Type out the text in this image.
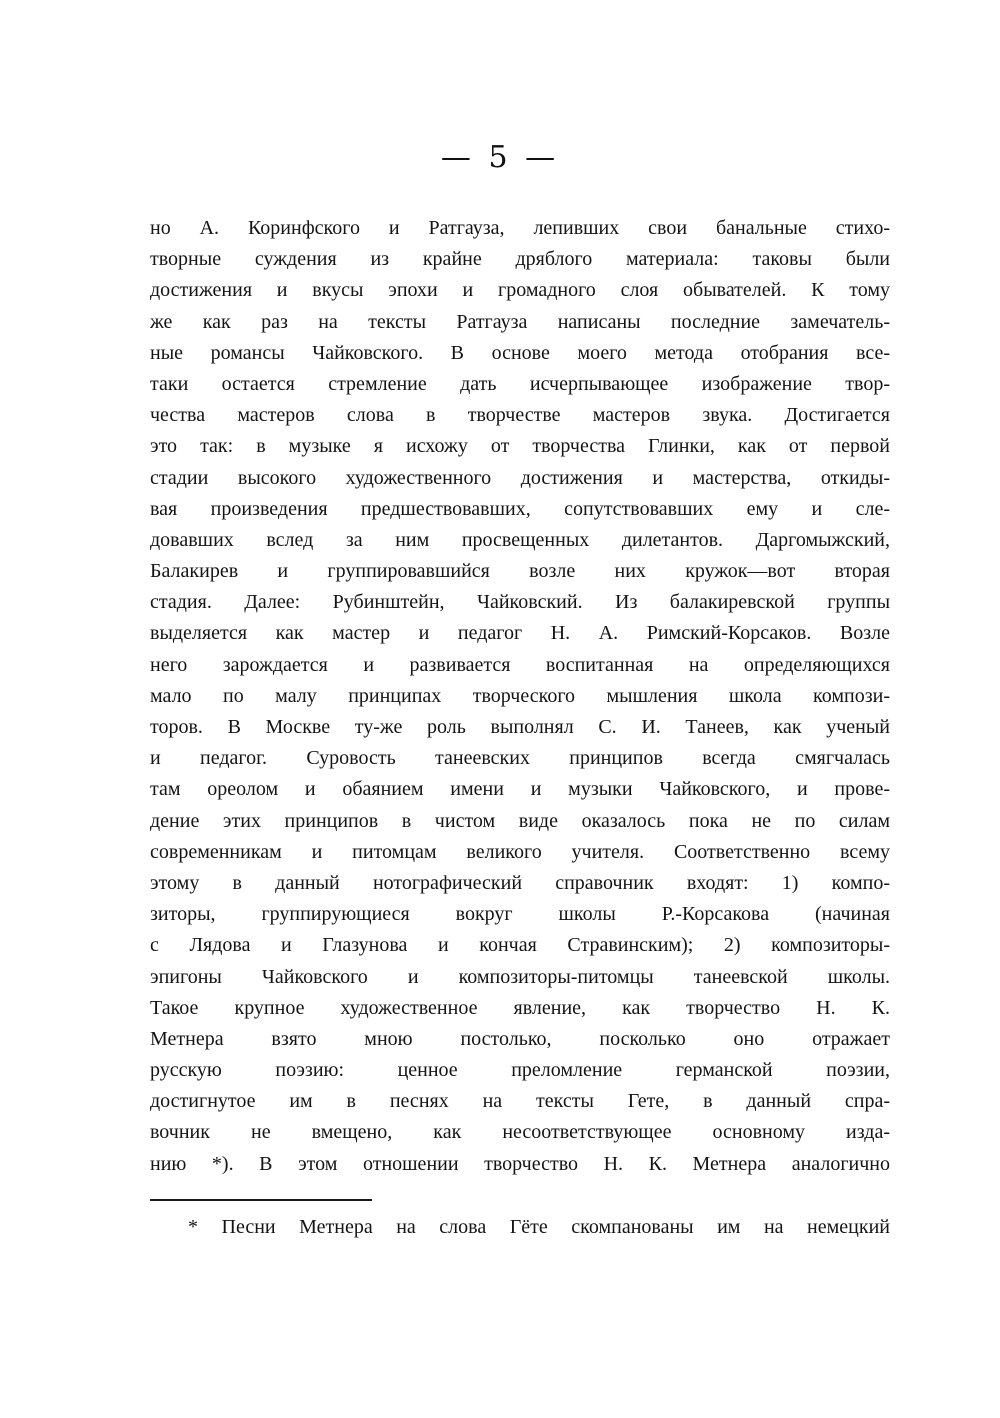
— 5 —
но А. Коринфского и Ратгауза, лепивших свои банальные стихо-
творные суждения из крайне дряблого материала: таковы были
достижения и вкусы эпохи и громадного слоя обывателей. К тому
же как раз на тексты Ратгауза написаны последние замечатель-
ные романсы Чайковского. В основе моего метода отобрания все-
таки остается стремление дать исчерпывающее изображение твор-
чества мастеров слова в творчестве мастеров звука. Достигается
это так: в музыке я исхожу от творчества Глинки, как от первой
стадии высокого художественного достижения и мастерства, откиды-
вая произведения предшествовавших, сопутствовавших ему и сле-
довавших вслед за ним просвещенных дилетантов. Даргомыжский,
Балакирев и группировавшийся возле них кружок—вот вторая
стадия. Далее: Рубинштейн, Чайковский. Из балакиревской группы
выделяется как мастер и педагог Н. А. Римский-Корсаков. Возле
него зарождается и развивается воспитанная на определяющихся
мало по малу принципах творческого мышления школа компози-
торов. В Москве ту-же роль выполнял С. И. Танеев, как ученый
и педагог. Суровость танеевских принципов всегда смягчалась
там ореолом и обаянием имени и музыки Чайковского, и прове-
дение этих принципов в чистом виде оказалось пока не по силам
современникам и питомцам великого учителя. Соответственно всему
этому в данный нотографический справочник входят: 1) компо-
зиторы, группирующиеся вокруг школы Р.-Корсакова (начиная
с Лядова и Глазунова и кончая Стравинским); 2) композиторы-
эпигоны Чайковского и композиторы-питомцы танеевской школы.
Такое крупное художественное явление, как творчество Н. К.
Метнера взято мною постолько, посколько оно отражает
русскую поэзию: ценное преломление германской поэзии,
достигнутое им в песнях на тексты Гете, в данный спра-
вочник не вмещено, как несоответствующее основному изда-
нию *). В этом отношении творчество Н. К. Метнера аналогично
* Песни Метнера на слова Гёте скомпанованы им на немецкий
